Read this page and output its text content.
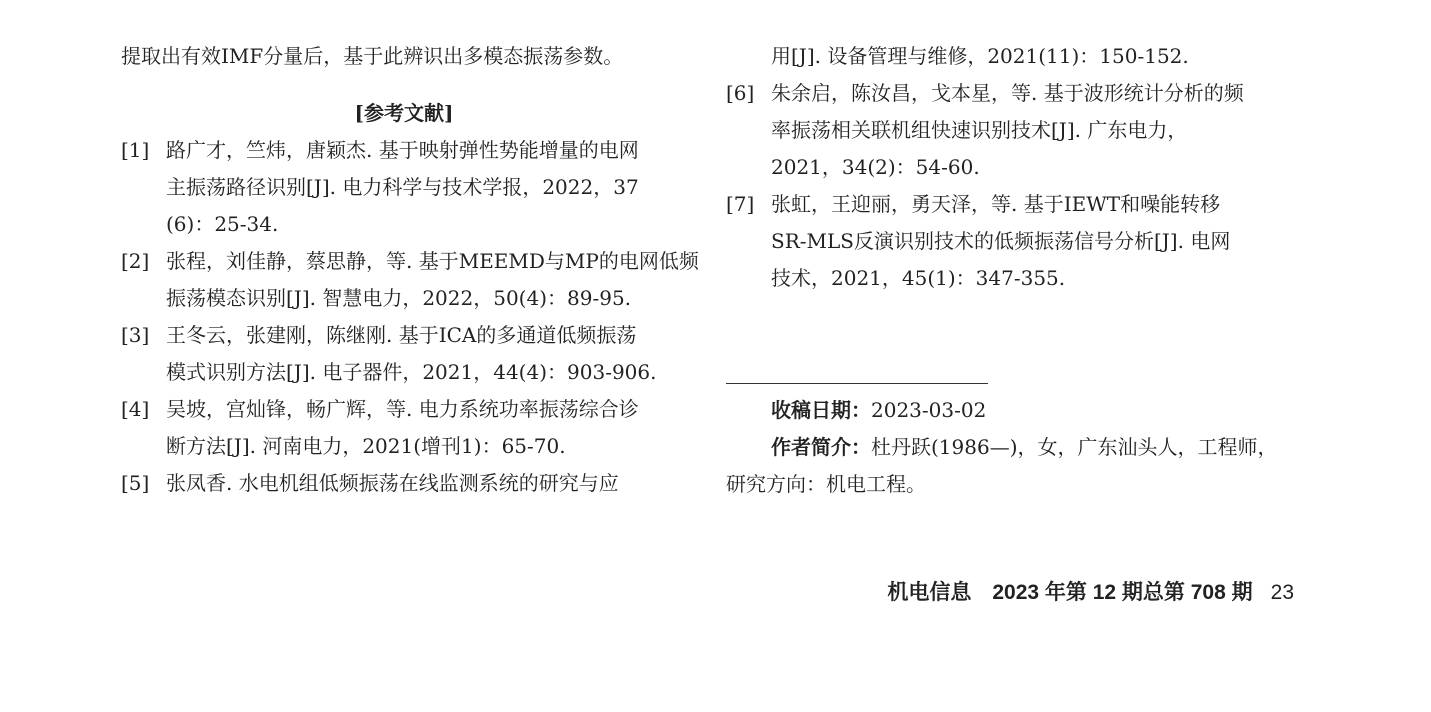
提取出有效IMF分量后，基于此辨识出多模态振荡参数。
[参考文献]
[1] 路广才，竺炜，唐颖杰. 基于映射弹性势能增量的电网
主振荡路径识别[J]. 电力科学与技术学报，2022，37
(6)：25-34.
[2] 张程，刘佳静，蔡思静，等. 基于MEEMD与MP的电网低频
振荡模态识别[J]. 智慧电力，2022，50(4)：89-95.
[3] 王冬云，张建刚，陈继刚. 基于ICA的多通道低频振荡
模式识别方法[J]. 电子器件，2021，44(4)：903-906.
[4] 吴坡，宫灿锋，畅广辉，等. 电力系统功率振荡综合诊
断方法[J]. 河南电力，2021(增刊1)：65-70.
[5] 张凤香. 水电机组低频振荡在线监测系统的研究与应
用[J]. 设备管理与维修，2021(11)：150-152.
[6] 朱余启，陈汝昌，戈本星，等. 基于波形统计分析的频
率振荡相关联机组快速识别技术[J]. 广东电力，
2021，34(2)：54-60.
[7] 张虹，王迎丽，勇天泽，等. 基于IEWT和噪能转移
SR-MLS反演识别技术的低频振荡信号分析[J]. 电网
技术，2021，45(1)：347-355.
收稿日期：2023-03-02
作者简介：杜丹跃(1986—)，女，广东汕头人，工程师，
研究方向：机电工程。
机电信息　2023 年第 12 期总第 708 期 23
